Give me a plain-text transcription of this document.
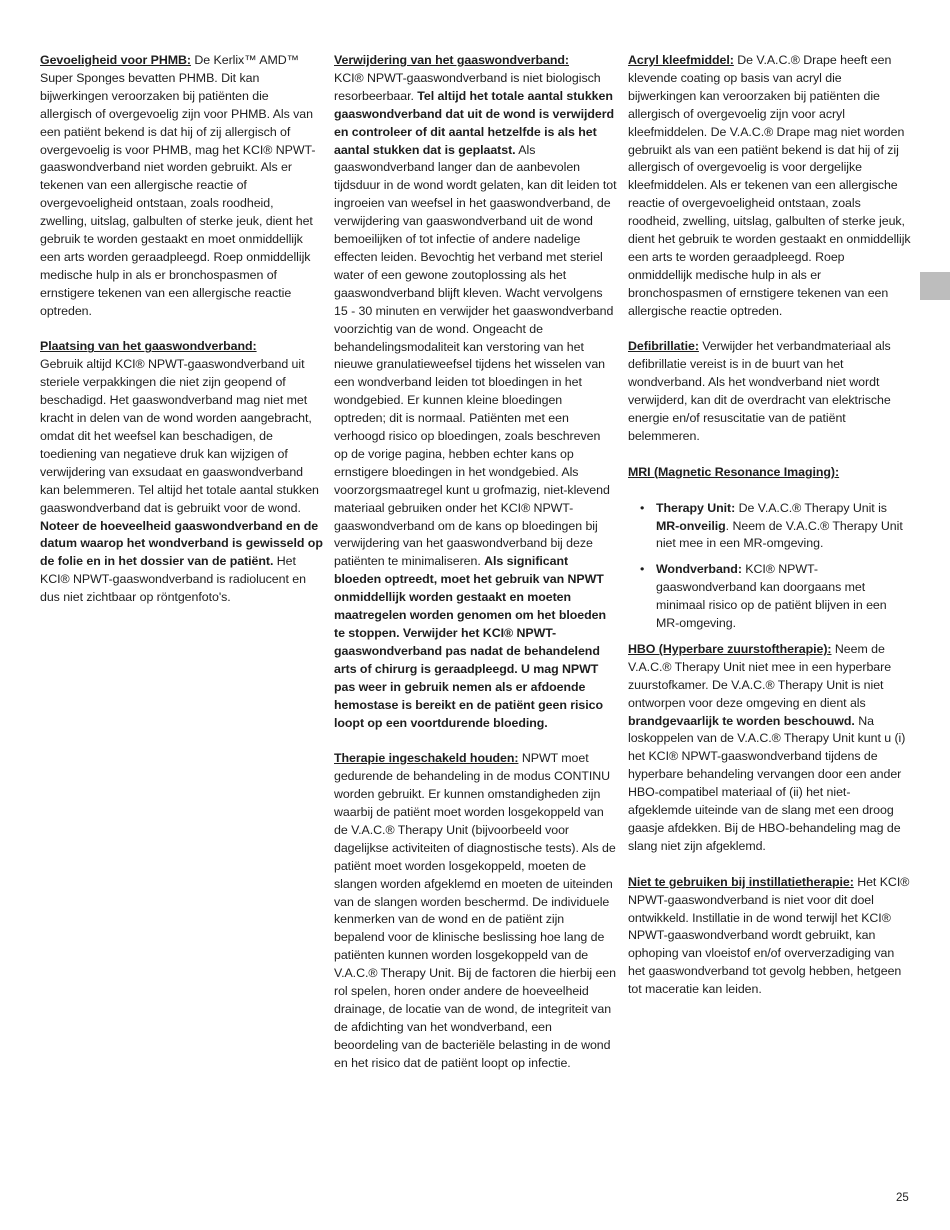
Gevoeligheid voor PHMB: De Kerlix™ AMD™ Super Sponges bevatten PHMB. Dit kan bijwerkingen veroorzaken bij patiënten die allergisch of overgevoelig zijn voor PHMB. Als van een patiënt bekend is dat hij of zij allergisch of overgevoelig is voor PHMB, mag het KCI® NPWT-gaaswondverband niet worden gebruikt. Als er tekenen van een allergische reactie of overgevoeligheid ontstaan, zoals roodheid, zwelling, uitslag, galbulten of sterke jeuk, dient het gebruik te worden gestaakt en moet onmiddellijk een arts worden geraadpleegd. Roep onmiddellijk medische hulp in als er bronchospasmen of ernstigere tekenen van een allergische reactie optreden.

Plaatsing van het gaaswondverband:

Gebruik altijd KCI® NPWT-gaaswondverband uit steriele verpakkingen die niet zijn geopend of beschadigd. Het gaaswondverband mag niet met kracht in delen van de wond worden aangebracht, omdat dit het weefsel kan beschadigen, de toediening van negatieve druk kan wijzigen of verwijdering van exsudaat en gaaswondverband kan belemmeren. Tel altijd het totale aantal stukken gaaswondverband dat is gebruikt voor de wond. Noteer de hoeveelheid gaaswondverband en de datum waarop het wondverband is gewisseld op de folie en in het dossier van de patiënt. Het KCI® NPWT-gaaswondverband is radiolucent en dus niet zichtbaar op röntgenfoto's.

Verwijdering van het gaaswondverband:

KCI® NPWT-gaaswondverband is niet biologisch resorbeerbaar. Tel altijd het totale aantal stukken gaaswondverband dat uit de wond is verwijderd en controleer of dit aantal hetzelfde is als het aantal stukken dat is geplaatst. Als gaaswondverband langer dan de aanbevolen tijdsduur in de wond wordt gelaten, kan dit leiden tot ingroeien van weefsel in het gaaswondverband, de verwijdering van gaaswondverband uit de wond bemoeilijken of tot infectie of andere nadelige effecten leiden. Bevochtig het verband met steriel water of een gewone zoutoplossing als het gaaswondverband blijft kleven. Wacht vervolgens 15 - 30 minuten en verwijder het gaaswondverband voorzichtig van de wond. Ongeacht de behandelingsmodaliteit kan verstoring van het nieuwe granulatieweefsel tijdens het wisselen van een wondverband leiden tot bloedingen in het wondgebied. Er kunnen kleine bloedingen optreden; dit is normaal. Patiënten met een verhoogd risico op bloedingen, zoals beschreven op de vorige pagina, hebben echter kans op ernstigere bloedingen in het wondgebied. Als voorzorgsmaatregel kunt u grofmazig, niet-klevend materiaal gebruiken onder het KCI® NPWT-gaaswondverband om de kans op bloedingen bij verwijdering van het gaaswondverband bij deze patiënten te minimaliseren. Als significant bloeden optreedt, moet het gebruik van NPWT onmiddellijk worden gestaakt en moeten maatregelen worden genomen om het bloeden te stoppen. Verwijder het KCI® NPWT-gaaswondverband pas nadat de behandelend arts of chirurg is geraadpleegd. U mag NPWT pas weer in gebruik nemen als er afdoende hemostase is bereikt en de patiënt geen risico loopt op een voortdurende bloeding.

Therapie ingeschakeld houden: NPWT moet gedurende de behandeling in de modus CONTINU worden gebruikt. Er kunnen omstandigheden zijn waarbij de patiënt moet worden losgekoppeld van de V.A.C.® Therapy Unit (bijvoorbeeld voor dagelijkse activiteiten of diagnostische tests). Als de patiënt moet worden losgekoppeld, moeten de slangen worden afgeklemd en moeten de uiteinden van de slangen worden beschermd. De individuele kenmerken van de wond en de patiënt zijn bepalend voor de klinische beslissing hoe lang de patiënten kunnen worden losgekoppeld van de V.A.C.® Therapy Unit. Bij de factoren die hierbij een rol spelen, horen onder andere de hoeveelheid drainage, de locatie van de wond, de integriteit van de afdichting van het wondverband, een beoordeling van de bacteriële belasting in de wond en het risico dat de patiënt loopt op infectie.

Acryl kleefmiddel: De V.A.C.® Drape heeft een klevende coating op basis van acryl die bijwerkingen kan veroorzaken bij patiënten die allergisch of overgevoelig zijn voor acryl kleefmiddelen. De V.A.C.® Drape mag niet worden gebruikt als van een patiënt bekend is dat hij of zij allergisch of overgevoelig is voor dergelijke kleefmiddelen. Als er tekenen van een allergische reactie of overgevoeligheid ontstaan, zoals roodheid, zwelling, uitslag, galbulten of sterke jeuk, dient het gebruik te worden gestaakt en onmiddellijk een arts te worden geraadpleegd. Roep onmiddellijk medische hulp in als er bronchospasmen of ernstigere tekenen van een allergische reactie optreden.

Defibrillatie: Verwijder het verbandmateriaal als defibrillatie vereist is in de buurt van het wondverband. Als het wondverband niet wordt verwijderd, kan dit de overdracht van elektrische energie en/of resuscitatie van de patiënt belemmeren.

MRI (Magnetic Resonance Imaging):

• Therapy Unit: De V.A.C.® Therapy Unit is MR-onveilig. Neem de V.A.C.® Therapy Unit niet mee in een MR-omgeving.
• Wondverband: KCI® NPWT-gaaswondverband kan doorgaans met minimaal risico op de patiënt blijven in een MR-omgeving.

HBO (Hyperbare zuurstoftherapie): Neem de V.A.C.® Therapy Unit niet mee in een hyperbare zuurstofkamer. De V.A.C.® Therapy Unit is niet ontworpen voor deze omgeving en dient als brandgevaarlijk te worden beschouwd. Na loskoppelen van de V.A.C.® Therapy Unit kunt u (i) het KCI® NPWT-gaaswondverband tijdens de hyperbare behandeling vervangen door een ander HBO-compatibel materiaal of (ii) het niet-afgeklemde uiteinde van de slang met een droog gaasje afdekken. Bij de HBO-behandeling mag de slang niet zijn afgeklemd.

Niet te gebruiken bij instillatietherapie: Het KCI® NPWT-gaaswondverband is niet voor dit doel ontwikkeld. Instillatie in de wond terwijl het KCI® NPWT-gaaswondverband wordt gebruikt, kan ophoping van vloeistof en/of oververzadiging van het gaaswondverband tot gevolg hebben, hetgeen tot maceratie kan leiden.

25
